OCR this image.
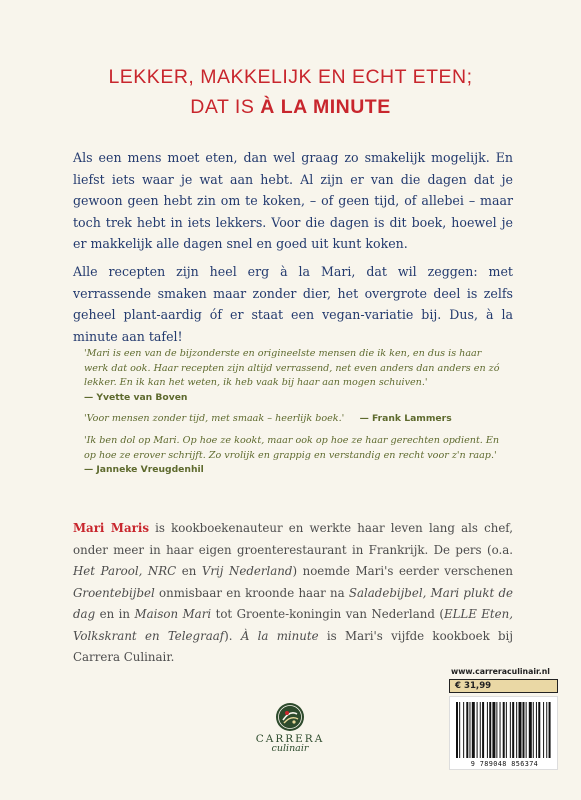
LEKKER, MAKKELIJK EN ECHT ETEN;
DAT IS À LA MINUTE

Als een mens moet eten, dan wel graag zo smakelijk mogelijk. En liefst iets waar je wat aan hebt. Al zijn er van die dagen dat je gewoon geen hebt zin om te koken, – of geen tijd, of allebei – maar toch trek hebt in iets lekkers. Voor die dagen is dit boek, hoewel je er makkelijk alle dagen snel en goed uit kunt koken.

Alle recepten zijn heel erg à la Mari, dat wil zeggen: met verrassende smaken maar zonder dier, het overgrote deel is zelfs geheel plant-aardig óf er staat een vegan-variatie bij. Dus, à la minute aan tafel!

'Mari is een van de bijzonderste en origineelste mensen die ik ken, en dus is haar werk dat ook. Haar recepten zijn altijd verrassend, net even anders dan anders en zó lekker. En ik kan het weten, ik heb vaak bij haar aan mogen schuiven.'
— Yvette van Boven
'Voor mensen zonder tijd, met smaak – heerlijk boek.' — Frank Lammers
'Ik ben dol op Mari. Op hoe ze kookt, maar ook op hoe ze haar gerechten opdient. En op hoe ze erover schrijft. Zo vrolijk en grappig en verstandig en recht voor z'n raap.'
— Janneke Vreugdenhil

Mari Maris is kookboekenauteur en werkte haar leven lang als chef, onder meer in haar eigen groenterestaurant in Frankrijk. De pers (o.a. Het Parool, NRC en Vrij Nederland) noemde Mari's eerder verschenen Groentebijbel onmisbaar en kroonde haar na Saladebijbel, Mari plukt de dag en in Maison Mari tot Groente-koningin van Nederland (ELLE Eten, Volkskrant en Telegraaf). À la minute is Mari's vijfde kookboek bij Carrera Culinair.

CARRERA
culinair
www.carreraculinair.nl
€ 31,99
9 789048 856374
